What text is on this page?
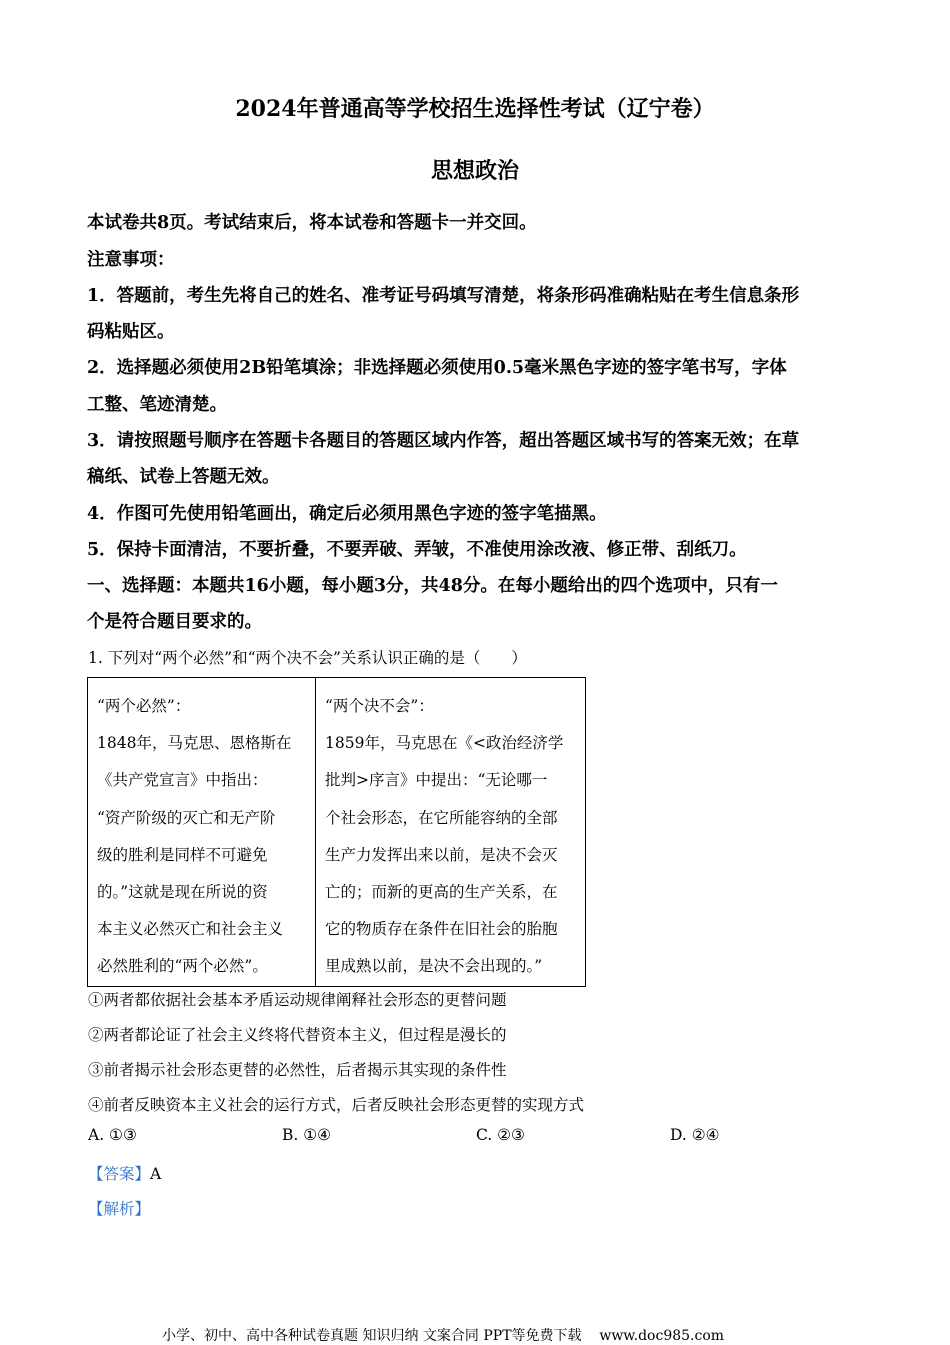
2024年普通高等学校招生选择性考试（辽宁卷）
思想政治
本试卷共8页。考试结束后，将本试卷和答题卡一并交回。
注意事项：
1．答题前，考生先将自己的姓名、准考证号码填写清楚，将条形码准确粘贴在考生信息条形
码粘贴区。
2．选择题必须使用2B铅笔填涂；非选择题必须使用0.5毫米黑色字迹的签字笔书写，字体
工整、笔迹清楚。
3．请按照题号顺序在答题卡各题目的答题区域内作答，超出答题区域书写的答案无效；在草
稿纸、试卷上答题无效。
4．作图可先使用铅笔画出，确定后必须用黑色字迹的签字笔描黑。
5．保持卡面清洁，不要折叠，不要弄破、弄皱，不准使用涂改液、修正带、刮纸刀。
一、选择题：本题共16小题，每小题3分，共48分。在每小题给出的四个选项中，只有一
个是符合题目要求的。
1. 下列对“两个必然”和“两个决不会”关系认识正确的是（　　）
“两个必然”：
1848年，马克思、恩格斯在
《共产党宣言》中指出：
“资产阶级的灭亡和无产阶
级的胜利是同样不可避免
的。”这就是现在所说的资
本主义必然灭亡和社会主义
必然胜利的“两个必然”。

“两个决不会”：
1859年，马克思在《<政治经济学
批判>序言》中提出：“无论哪一
个社会形态，在它所能容纳的全部
生产力发挥出来以前，是决不会灭
亡的；而新的更高的生产关系，在
它的物质存在条件在旧社会的胎胞
里成熟以前，是决不会出现的。”
①两者都依据社会基本矛盾运动规律阐释社会形态的更替问题
②两者都论证了社会主义终将代替资本主义，但过程是漫长的
③前者揭示社会形态更替的必然性，后者揭示其实现的条件性
④前者反映资本主义社会的运行方式，后者反映社会形态更替的实现方式
A. ①③	B. ①④	C. ②③	D. ②④
【答案】A
【解析】
小学、初中、高中各种试卷真题 知识归纳 文案合同 PPT等免费下载 www.doc985.com
